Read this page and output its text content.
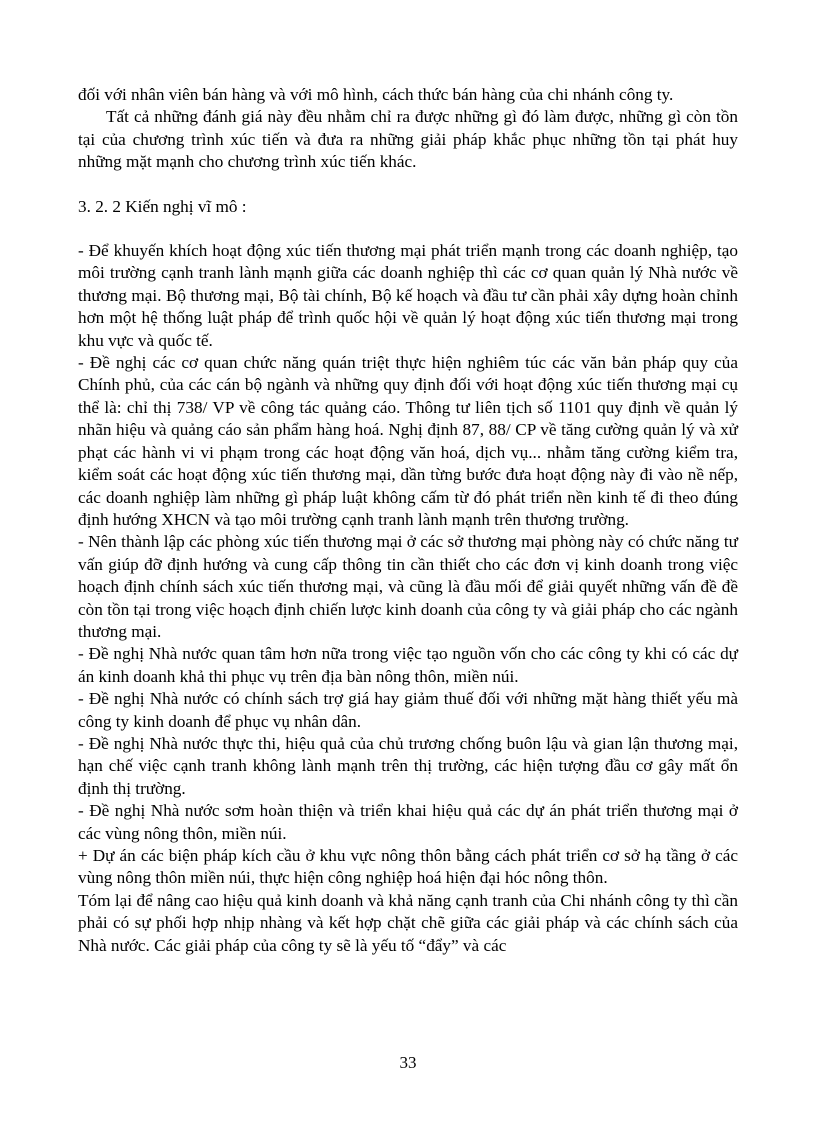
đối với nhân viên bán hàng và với mô hình, cách thức bán hàng của chi nhánh công ty.

Tất cả những đánh giá này đều nhằm chỉ ra được những gì đó làm được, những gì còn tồn tại của chương trình xúc tiến và đưa ra những giải pháp khắc phục những tồn tại phát huy những mặt mạnh cho chương trình xúc tiến khác.

3. 2. 2 Kiến nghị vĩ mô :

- Để khuyến khích hoạt động xúc tiến thương mại phát triển mạnh trong các doanh nghiệp, tạo môi trường cạnh tranh lành mạnh giữa các doanh nghiệp thì các cơ quan quản lý Nhà nước về thương mại. Bộ thương mại, Bộ tài chính, Bộ kế hoạch và đầu tư cần phải xây dựng hoàn chỉnh hơn một hệ thống luật pháp để trình quốc hội về quản lý hoạt động xúc tiến thương mại trong khu vực và quốc tế.

- Đề nghị các cơ quan chức năng quán triệt thực hiện nghiêm túc các văn bản pháp quy của Chính phủ, của các cán bộ ngành và những quy định đối với hoạt động xúc tiến thương mại cụ thể là: chỉ thị 738/ VP về công tác quảng cáo. Thông tư liên tịch số 1101 quy định về quản lý nhãn hiệu và quảng cáo sản phẩm hàng hoá. Nghị định 87, 88/ CP về tăng cường quản lý và xử phạt các hành vi vi phạm trong các hoạt động văn hoá, dịch vụ... nhằm tăng cường kiểm tra, kiểm soát các hoạt động xúc tiến thương mại, dần từng bước đưa hoạt động này đi vào nề nếp, các doanh nghiệp làm những gì pháp luật không cấm từ đó phát triển nền kinh tế đi theo đúng định hướng XHCN và tạo môi trường cạnh tranh lành mạnh trên thương trường.

- Nên thành lập các phòng xúc tiến thương mại ở các sở thương mại phòng này có chức năng tư vấn giúp đỡ định hướng và cung cấp thông tin cần thiết cho các đơn vị kinh doanh trong việc hoạch định chính sách xúc tiến thương mại, và cũng là đầu mối để giải quyết những vấn đề đề còn tồn tại trong việc hoạch định chiến lược kinh doanh của công ty và giải pháp cho các ngành thương mại.

- Đề nghị Nhà nước quan tâm hơn nữa trong việc tạo nguồn vốn cho các công ty khi có các dự án kinh doanh khả thi phục vụ trên địa bàn nông thôn, miền núi.

- Đề nghị Nhà nước có chính sách trợ giá hay giảm thuế đối với những mặt hàng thiết yếu mà công ty kinh doanh để phục vụ nhân dân.

- Đề nghị Nhà nước thực thi, hiệu quả của chủ trương chống buôn lậu và gian lận thương mại, hạn chế việc cạnh tranh không lành mạnh trên thị trường, các hiện tượng đầu cơ gây mất ổn định thị trường.

- Đề nghị Nhà nước sơm hoàn thiện và triển khai hiệu quả các dự án phát triển thương mại ở các vùng nông thôn, miền núi.

+ Dự án các biện pháp kích cầu ở khu vực nông thôn bằng cách phát triển cơ sở hạ tầng ở các vùng nông thôn miền núi, thực hiện công nghiệp hoá hiện đại hóc nông thôn.

Tóm lại để nâng cao hiệu quả kinh doanh và khả năng cạnh tranh của Chi nhánh công ty thì cần phải có sự phối hợp nhịp nhàng và kết hợp chặt chẽ giữa các giải pháp và các chính sách của Nhà nước. Các giải pháp của công ty sẽ là yếu tố “đẩy” và các

33
